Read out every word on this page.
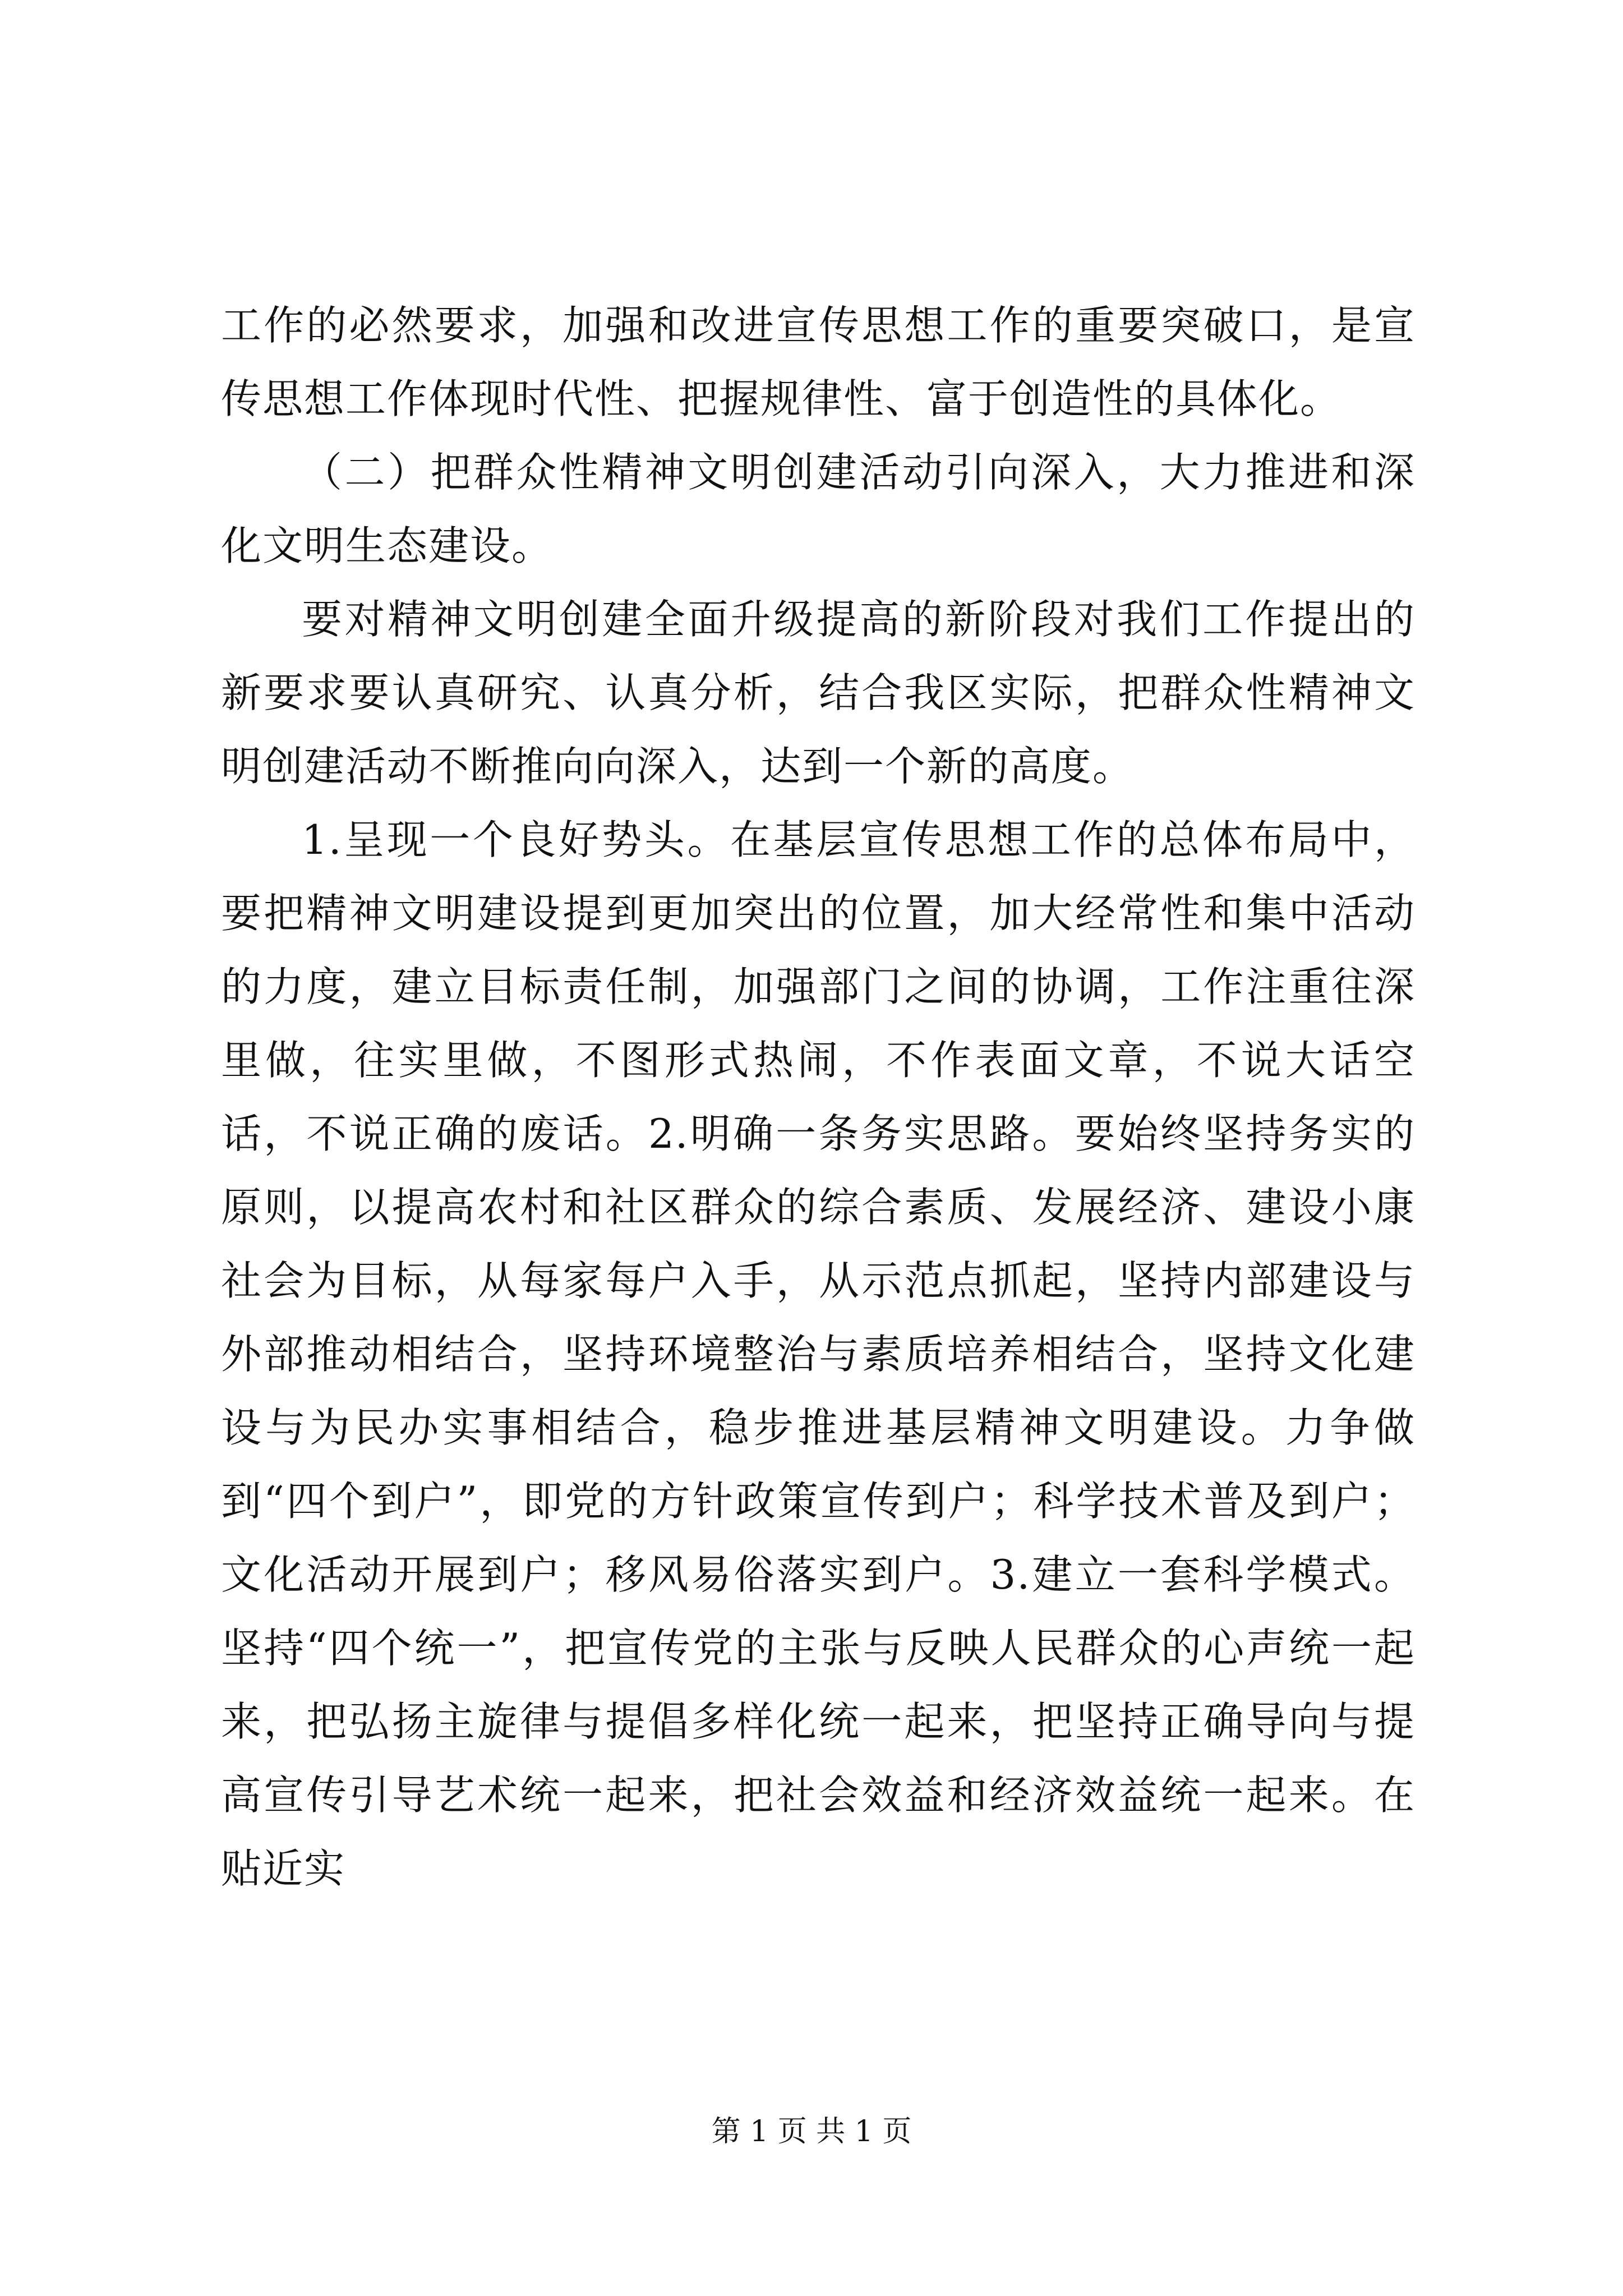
工作的必然要求，加强和改进宣传思想工作的重要突破口，是宣传思想工作体现时代性、把握规律性、富于创造性的具体化。

（二）把群众性精神文明创建活动引向深入，大力推进和深化文明生态建设。

要对精神文明创建全面升级提高的新阶段对我们工作提出的新要求要认真研究、认真分析，结合我区实际，把群众性精神文明创建活动不断推向向深入，达到一个新的高度。

1.呈现一个良好势头。在基层宣传思想工作的总体布局中，要把精神文明建设提到更加突出的位置，加大经常性和集中活动的力度，建立目标责任制，加强部门之间的协调，工作注重往深里做，往实里做，不图形式热闹，不作表面文章，不说大话空话，不说正确的废话。2.明确一条务实思路。要始终坚持务实的原则，以提高农村和社区群众的综合素质、发展经济、建设小康社会为目标，从每家每户入手，从示范点抓起，坚持内部建设与外部推动相结合，坚持环境整治与素质培养相结合，坚持文化建设与为民办实事相结合，稳步推进基层精神文明建设。力争做到“四个到户”，即党的方针政策宣传到户；科学技术普及到户；文化活动开展到户；移风易俗落实到户。3.建立一套科学模式。坚持“四个统一”，把宣传党的主张与反映人民群众的心声统一起来，把弘扬主旋律与提倡多样化统一起来，把坚持正确导向与提高宣传引导艺术统一起来，把社会效益和经济效益统一起来。在贴近实

第 1 页 共 1 页
